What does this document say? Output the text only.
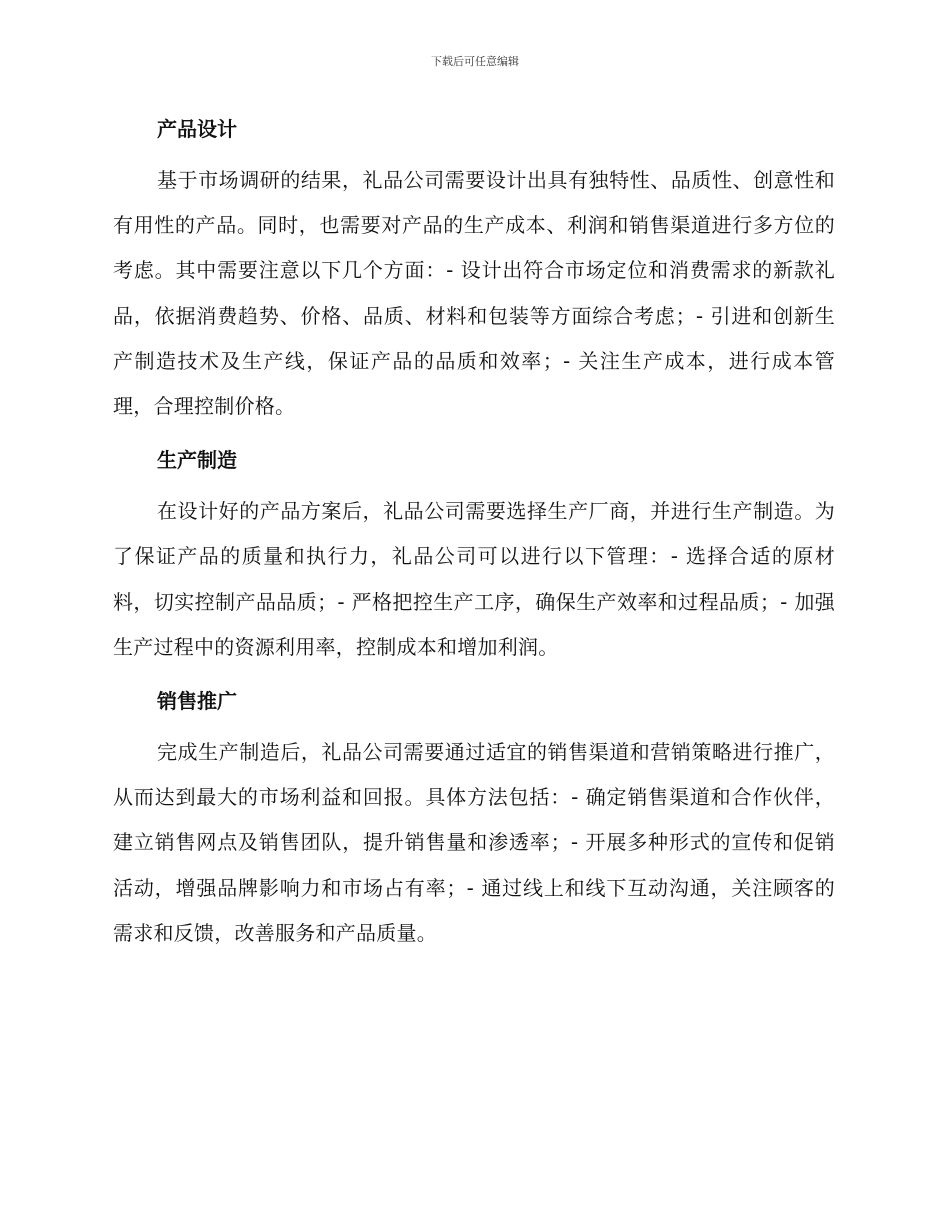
下载后可任意编辑
产品设计

基于市场调研的结果，礼品公司需要设计出具有独特性、品质性、创意性和有用性的产品。同时，也需要对产品的生产成本、利润和销售渠道进行多方位的考虑。其中需要注意以下几个方面：- 设计出符合市场定位和消费需求的新款礼品，依据消费趋势、价格、品质、材料和包装等方面综合考虑；- 引进和创新生产制造技术及生产线，保证产品的品质和效率；- 关注生产成本，进行成本管理，合理控制价格。

生产制造

在设计好的产品方案后，礼品公司需要选择生产厂商，并进行生产制造。为了保证产品的质量和执行力，礼品公司可以进行以下管理：- 选择合适的原材料，切实控制产品品质；- 严格把控生产工序，确保生产效率和过程品质；- 加强生产过程中的资源利用率，控制成本和增加利润。

销售推广

完成生产制造后，礼品公司需要通过适宜的销售渠道和营销策略进行推广，从而达到最大的市场利益和回报。具体方法包括：- 确定销售渠道和合作伙伴，建立销售网点及销售团队，提升销售量和渗透率；- 开展多种形式的宣传和促销活动，增强品牌影响力和市场占有率；- 通过线上和线下互动沟通，关注顾客的需求和反馈，改善服务和产品质量。
